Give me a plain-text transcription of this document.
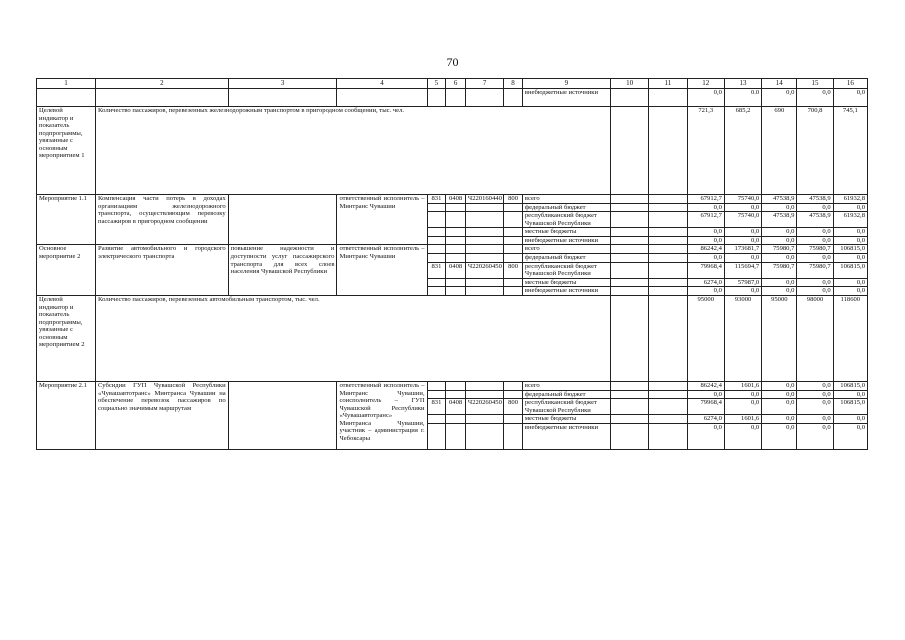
70
1	2	3	4	5	6	7	8	9	10	11	12	13	14	15	16
								внебюджетные источники			0,0	0.0	0,0	0,0	0,0
Целевой индикатор и показатель подпрограммы, увязанные с основным мероприятием 1	Количество пассажиров, перевезенных железнодорожным транспортом в пригородном сообщении, тыс. чел.										721,3	685,2	690	700,8	745,1
Мероприятие 1.1	Компенсация части потерь в доходах организациям железнодорожного транспорта, осуществляющим перевозку пассажиров в пригородном сообщении		ответственный исполнитель – Минтранс Чувашии	831	0408	Ч220160440	800	всего			67912,7	75740,0	47538,9	47538,9	61932,8
								федеральный бюджет			0,0	0,0	0,0	0,0	0,0
								республиканский бюджет Чувашской Республики			67912,7	75740,0	47538,9	47538,9	61932,8
								местные бюджеты			0,0	0,0	0,0	0,0	0,0
								внебюджетные источники			0,0	0,0	0,0	0,0	0,0
Основное мероприятие 2	Развитие автомобильного и городского электрического транспорта	повышение надежности и доступности услуг пассажирского транспорта для всех слоев населения Чувашской Республики	ответственный исполнитель – Минтранс Чувашии					всего			86242,4	173681,7	75980,7	75980,7	106815,0
								федеральный бюджет			0,0	0,0	0,0	0,0	0,0
				831	0408	Ч220260450	800	республиканский бюджет Чувашской Республики			79968,4	115694,7	75980,7	75980,7	106815,0
								местные бюджеты			6274,0	57987,0	0,0	0,0	0,0
								внебюджетные источники			0,0	0,0	0,0	0,0	0,0
Целевой индикатор и показатель подпрограммы, увязанные с основным мероприятием 2	Количество пассажиров, перевезенных автомобильным транспортом, тыс. чел.										95000	93000	95000	98000	118600
Мероприятие 2.1	Субсидии ГУП Чувашской Республики «Чувашавтотранс» Минтранса Чувашии на обеспечение перевозок пассажиров по социально значимым маршрутам		ответственный исполнитель – Минтранс Чувашии, соисполнитель – ГУП Чувашской Республики «Чувашавтотранс» Минтранса Чувашии, участник – администрация г. Чебоксары					всего			86242,4	1601,6	0,0	0,0	106815,0
								федеральный бюджет			0,0	0,0	0,0	0,0	0,0
				831	0408	Ч220260450	800	республиканский бюджет Чувашской Республики			79968,4	0,0	0,0	0,0	106815,0
								местные бюджеты			6274,0	1601,6	0,0	0,0	0,0
								внебюджетные источники			0,0	0,0	0,0	0,0	0,0
